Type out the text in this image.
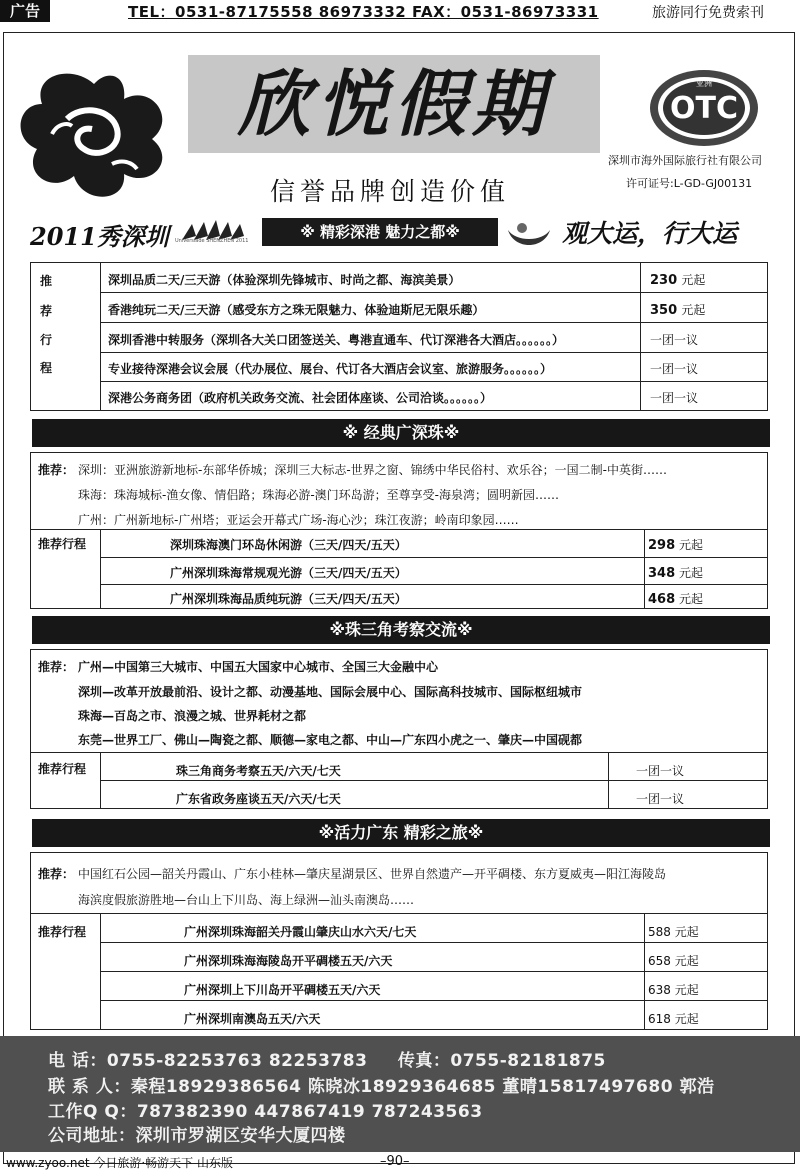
广告	TEL：0531-87175558 86973332 FAX：0531-86973331	旅游同行免费索刊
欣悦假期
信誉品牌创造价值
亚洲
OTC
深圳市海外国际旅行社有限公司
许可证号:L-GD-GJ00131
2011秀深圳 Universiade SHENZHEN 2011	※ 精彩深港 魅力之都※	观大运，行大运
推
荐
行
程
深圳品质二天/三天游（体验深圳先锋城市、时尚之都、海滨美景）	230 元起
香港纯玩二天/三天游（感受东方之珠无限魅力、体验迪斯尼无限乐趣）	350 元起
深圳香港中转服务（深圳各大关口团签送关、粤港直通车、代订深港各大酒店。。。。。。）	一团一议
专业接待深港会议会展（代办展位、展台、代订各大酒店会议室、旅游服务。。。。。。）	一团一议
深港公务商务团（政府机关政务交流、社会团体座谈、公司洽谈。。。。。。）	一团一议
※ 经典广深珠※
推荐： 深圳：亚洲旅游新地标-东部华侨城；深圳三大标志-世界之窗、锦绣中华民俗村、欢乐谷；一国二制-中英街……
珠海：珠海城标-渔女像、情侣路；珠海必游-澳门环岛游；至尊享受-海泉湾；圆明新园……
广州：广州新地标-广州塔；亚运会开幕式广场-海心沙；珠江夜游；岭南印象园……
推荐行程	深圳珠海澳门环岛休闲游（三天/四天/五天）	298 元起
广州深圳珠海常规观光游（三天/四天/五天）	348 元起
广州深圳珠海品质纯玩游（三天/四天/五天）	468 元起
※珠三角考察交流※
推荐： 广州—中国第三大城市、中国五大国家中心城市、全国三大金融中心
深圳—改革开放最前沿、设计之都、动漫基地、国际会展中心、国际高科技城市、国际枢纽城市
珠海—百岛之市、浪漫之城、世界耗材之都
东莞—世界工厂、佛山—陶瓷之都、顺德—家电之都、中山—广东四小虎之一、肇庆—中国砚都
推荐行程	珠三角商务考察五天/六天/七天	一团一议
广东省政务座谈五天/六天/七天	一团一议
※活力广东 精彩之旅※
推荐： 中国红石公园—韶关丹霞山、广东小桂林—肇庆星湖景区、世界自然遗产—开平碉楼、东方夏威夷—阳江海陵岛
海滨度假旅游胜地—台山上下川岛、海上绿洲—汕头南澳岛……
推荐行程	广州深圳珠海韶关丹霞山肇庆山水六天/七天	588 元起
广州深圳珠海海陵岛开平碉楼五天/六天	658 元起
广州深圳上下川岛开平碉楼五天/六天	638 元起
广州深圳南澳岛五天/六天	618 元起
电 话：0755-82253763 82253783 传真：0755-82181875
联 系 人：秦程18929386564 陈晓冰18929364685 董晴15817497680 郭浩
工作Q Q：787382390 447867419 787243563
公司地址：深圳市罗湖区安华大厦四楼
www.zyoo.net 今日旅游·畅游天下 山东版	–90–
